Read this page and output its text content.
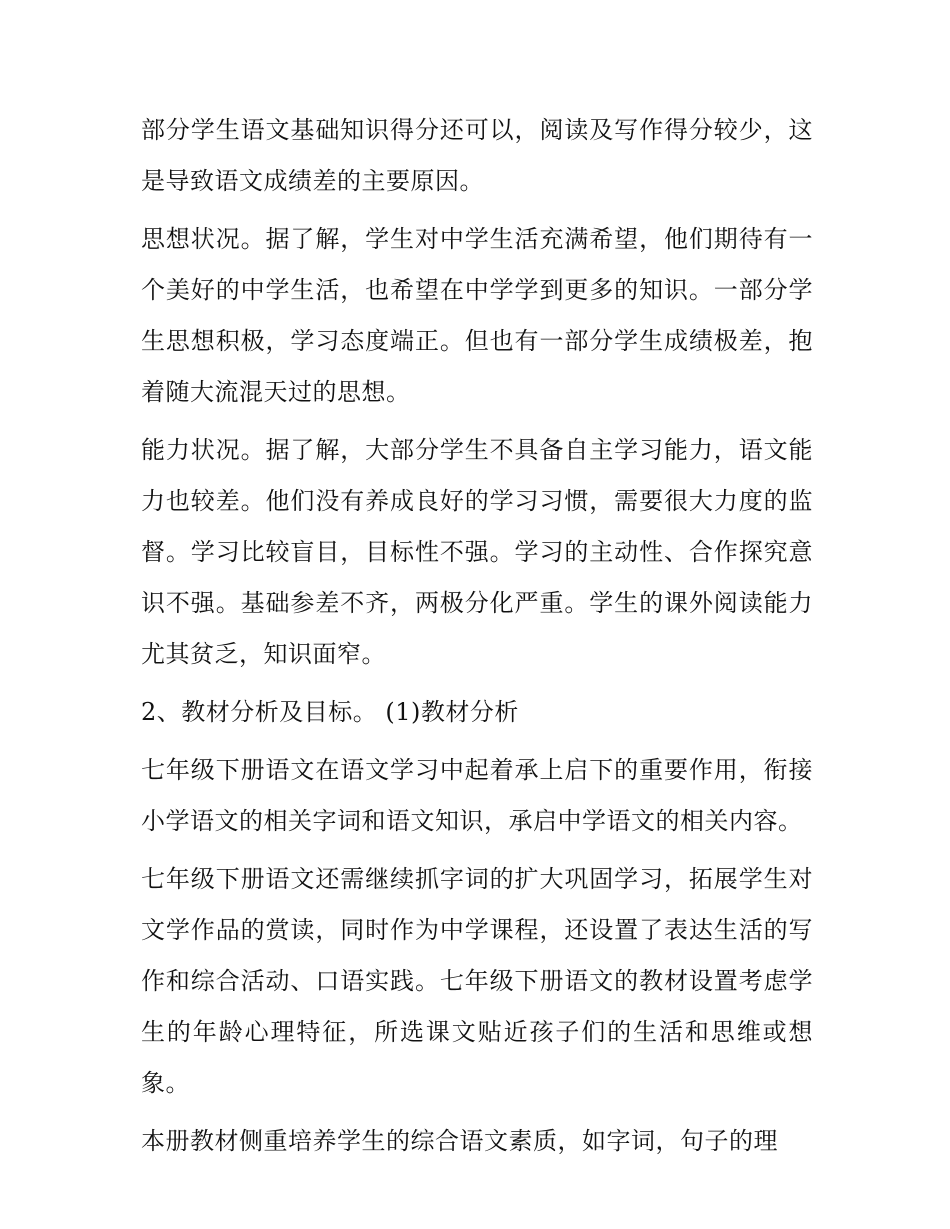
部分学生语文基础知识得分还可以，阅读及写作得分较少，这是导致语文成绩差的主要原因。

思想状况。据了解，学生对中学生活充满希望，他们期待有一个美好的中学生活，也希望在中学学到更多的知识。一部分学生思想积极，学习态度端正。但也有一部分学生成绩极差，抱着随大流混天过的思想。

能力状况。据了解，大部分学生不具备自主学习能力，语文能力也较差。他们没有养成良好的学习习惯，需要很大力度的监督。学习比较盲目，目标性不强。学习的主动性、合作探究意识不强。基础参差不齐，两极分化严重。学生的课外阅读能力尤其贫乏，知识面窄。

2、教材分析及目标。 (1)教材分析

七年级下册语文在语文学习中起着承上启下的重要作用，衔接小学语文的相关字词和语文知识，承启中学语文的相关内容。

七年级下册语文还需继续抓字词的扩大巩固学习，拓展学生对文学作品的赏读，同时作为中学课程，还设置了表达生活的写作和综合活动、口语实践。七年级下册语文的教材设置考虑学生的年龄心理特征，所选课文贴近孩子们的生活和思维或想象。

本册教材侧重培养学生的综合语文素质，如字词，句子的理
